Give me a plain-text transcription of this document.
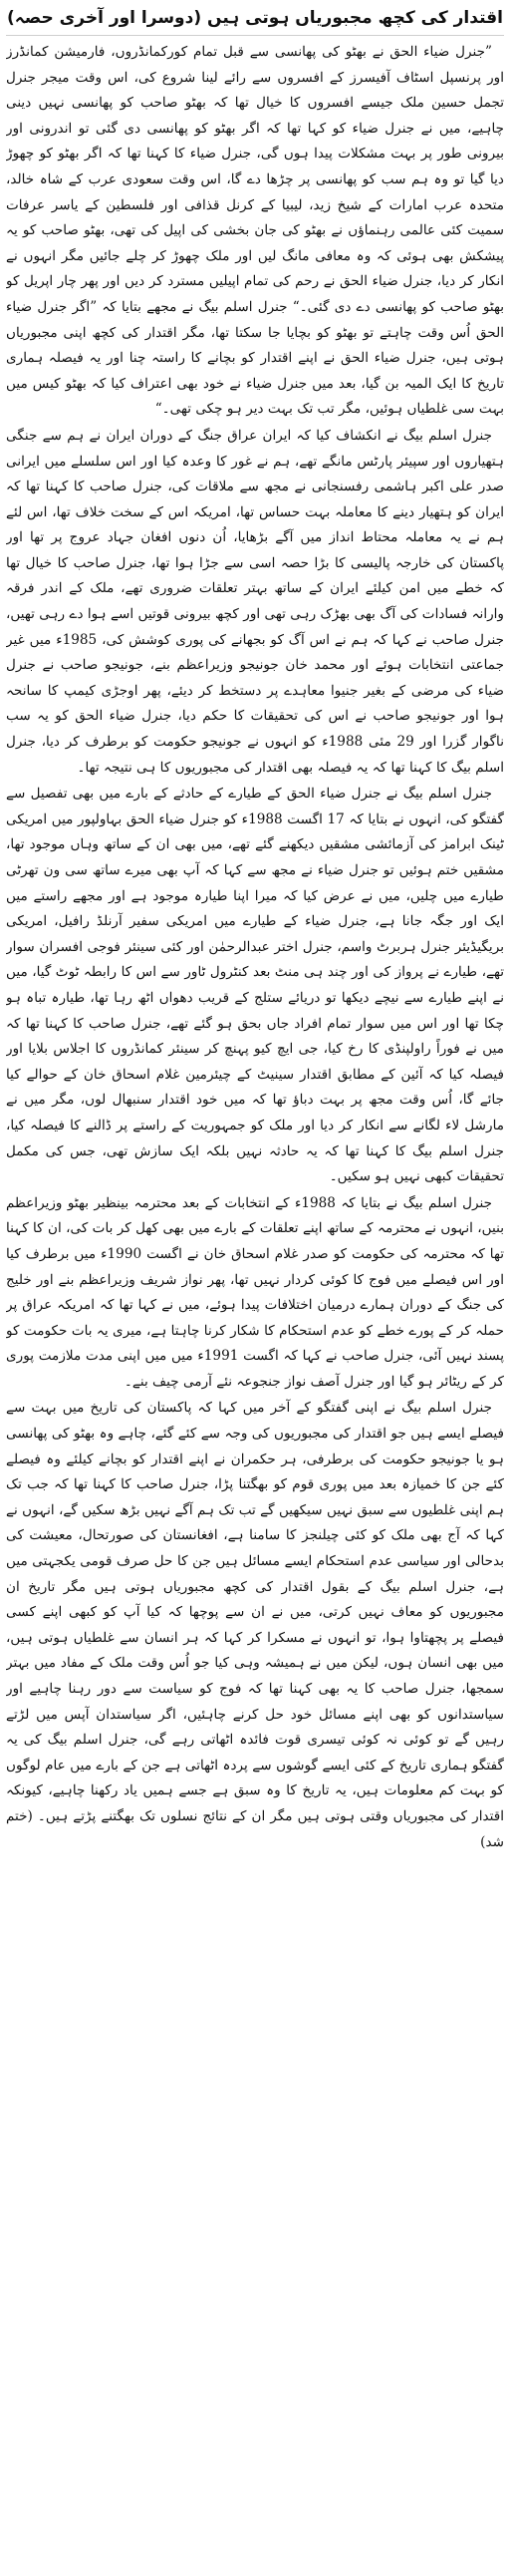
اقتدار کی کچھ مجبوریاں ہوتی ہیں (دوسرا اور آخری حصہ)

”جنرل ضیاء الحق نے بھٹو کی پھانسی سے قبل تمام کورکمانڈروں، فارمیشن کمانڈرز اور پرنسپل اسٹاف آفیسرز کے افسروں سے رائے لینا شروع کی، اس وقت میجر جنرل تجمل حسین ملک جیسے افسروں کا خیال تھا کہ بھٹو صاحب کو پھانسی نہیں دینی چاہیے، میں نے جنرل ضیاء کو کہا تھا کہ اگر بھٹو کو پھانسی دی گئی تو اندرونی اور بیرونی طور پر بہت مشکلات پیدا ہوں گی، جنرل ضیاء کا کہنا تھا کہ اگر بھٹو کو چھوڑ دیا گیا تو وہ ہم سب کو پھانسی پر چڑھا دے گا، اس وقت سعودی عرب کے شاہ خالد، متحدہ عرب امارات کے شیخ زید، لیبیا کے کرنل قذافی اور فلسطین کے یاسر عرفات سمیت کئی عالمی رہنماؤں نے بھٹو کی جان بخشی کی اپیل کی تھی، بھٹو صاحب کو یہ پیشکش بھی ہوئی کہ وہ معافی مانگ لیں اور ملک چھوڑ کر چلے جائیں مگر انہوں نے انکار کر دیا، جنرل ضیاء الحق نے رحم کی تمام اپیلیں مسترد کر دیں اور پھر چار اپریل کو بھٹو صاحب کو پھانسی دے دی گئی۔“ جنرل اسلم بیگ نے مجھے بتایا کہ ”اگر جنرل ضیاء الحق اُس وقت چاہتے تو بھٹو کو بچایا جا سکتا تھا، مگر اقتدار کی کچھ اپنی مجبوریاں ہوتی ہیں، جنرل ضیاء الحق نے اپنے اقتدار کو بچانے کا راستہ چنا اور یہ فیصلہ ہماری تاریخ کا ایک المیہ بن گیا، بعد میں جنرل ضیاء نے خود بھی اعتراف کیا کہ بھٹو کیس میں بہت سی غلطیاں ہوئیں، مگر تب تک بہت دیر ہو چکی تھی۔“

جنرل اسلم بیگ نے انکشاف کیا کہ ایران عراق جنگ کے دوران ایران نے ہم سے جنگی ہتھیاروں اور سپیئر پارٹس مانگے تھے، ہم نے غور کا وعدہ کیا اور اس سلسلے میں ایرانی صدر علی اکبر ہاشمی رفسنجانی نے مجھ سے ملاقات کی، جنرل صاحب کا کہنا تھا کہ ایران کو ہتھیار دینے کا معاملہ بہت حساس تھا، امریکہ اس کے سخت خلاف تھا، اس لئے ہم نے یہ معاملہ محتاط انداز میں آگے بڑھایا، اُن دنوں افغان جہاد عروج پر تھا اور پاکستان کی خارجہ پالیسی کا بڑا حصہ اسی سے جڑا ہوا تھا، جنرل صاحب کا خیال تھا کہ خطے میں امن کیلئے ایران کے ساتھ بہتر تعلقات ضروری تھے، ملک کے اندر فرقہ وارانہ فسادات کی آگ بھی بھڑک رہی تھی اور کچھ بیرونی قوتیں اسے ہوا دے رہی تھیں، جنرل صاحب نے کہا کہ ہم نے اس آگ کو بجھانے کی پوری کوشش کی، 1985ء میں غیر جماعتی انتخابات ہوئے اور محمد خان جونیجو وزیراعظم بنے، جونیجو صاحب نے جنرل ضیاء کی مرضی کے بغیر جنیوا معاہدے پر دستخط کر دیئے، پھر اوجڑی کیمپ کا سانحہ ہوا اور جونیجو صاحب نے اس کی تحقیقات کا حکم دیا، جنرل ضیاء الحق کو یہ سب ناگوار گزرا اور 29 مئی 1988ء کو انہوں نے جونیجو حکومت کو برطرف کر دیا، جنرل اسلم بیگ کا کہنا تھا کہ یہ فیصلہ بھی اقتدار کی مجبوریوں کا ہی نتیجہ تھا۔

جنرل اسلم بیگ نے جنرل ضیاء الحق کے طیارے کے حادثے کے بارے میں بھی تفصیل سے گفتگو کی، انہوں نے بتایا کہ 17 اگست 1988ء کو جنرل ضیاء الحق بہاولپور میں امریکی ٹینک ابرامز کی آزمائشی مشقیں دیکھنے گئے تھے، میں بھی ان کے ساتھ وہاں موجود تھا، مشقیں ختم ہوئیں تو جنرل ضیاء نے مجھ سے کہا کہ آپ بھی میرے ساتھ سی ون تھرٹی طیارے میں چلیں، میں نے عرض کیا کہ میرا اپنا طیارہ موجود ہے اور مجھے راستے میں ایک اور جگہ جانا ہے، جنرل ضیاء کے طیارے میں امریکی سفیر آرنلڈ رافیل، امریکی بریگیڈیئر جنرل ہربرٹ واسم، جنرل اختر عبدالرحمٰن اور کئی سینئر فوجی افسران سوار تھے، طیارے نے پرواز کی اور چند ہی منٹ بعد کنٹرول ٹاور سے اس کا رابطہ ٹوٹ گیا، میں نے اپنے طیارے سے نیچے دیکھا تو دریائے ستلج کے قریب دھواں اٹھ رہا تھا، طیارہ تباہ ہو چکا تھا اور اس میں سوار تمام افراد جاں بحق ہو گئے تھے، جنرل صاحب کا کہنا تھا کہ میں نے فوراً راولپنڈی کا رخ کیا، جی ایچ کیو پہنچ کر سینئر کمانڈروں کا اجلاس بلایا اور فیصلہ کیا کہ آئین کے مطابق اقتدار سینیٹ کے چیئرمین غلام اسحاق خان کے حوالے کیا جائے گا، اُس وقت مجھ پر بہت دباؤ تھا کہ میں خود اقتدار سنبھال لوں، مگر میں نے مارشل لاء لگانے سے انکار کر دیا اور ملک کو جمہوریت کے راستے پر ڈالنے کا فیصلہ کیا، جنرل اسلم بیگ کا کہنا تھا کہ یہ حادثہ نہیں بلکہ ایک سازش تھی، جس کی مکمل تحقیقات کبھی نہیں ہو سکیں۔

جنرل اسلم بیگ نے بتایا کہ 1988ء کے انتخابات کے بعد محترمہ بینظیر بھٹو وزیراعظم بنیں، انہوں نے محترمہ کے ساتھ اپنے تعلقات کے بارے میں بھی کھل کر بات کی، ان کا کہنا تھا کہ محترمہ کی حکومت کو صدر غلام اسحاق خان نے اگست 1990ء میں برطرف کیا اور اس فیصلے میں فوج کا کوئی کردار نہیں تھا، پھر نواز شریف وزیراعظم بنے اور خلیج کی جنگ کے دوران ہمارے درمیان اختلافات پیدا ہوئے، میں نے کہا تھا کہ امریکہ عراق پر حملہ کر کے پورے خطے کو عدم استحکام کا شکار کرنا چاہتا ہے، میری یہ بات حکومت کو پسند نہیں آئی، جنرل صاحب نے کہا کہ اگست 1991ء میں میں اپنی مدت ملازمت پوری کر کے ریٹائر ہو گیا اور جنرل آصف نواز جنجوعہ نئے آرمی چیف بنے۔

جنرل اسلم بیگ نے اپنی گفتگو کے آخر میں کہا کہ پاکستان کی تاریخ میں بہت سے فیصلے ایسے ہیں جو اقتدار کی مجبوریوں کی وجہ سے کئے گئے، چاہے وہ بھٹو کی پھانسی ہو یا جونیجو حکومت کی برطرفی، ہر حکمران نے اپنے اقتدار کو بچانے کیلئے وہ فیصلے کئے جن کا خمیازہ بعد میں پوری قوم کو بھگتنا پڑا، جنرل صاحب کا کہنا تھا کہ جب تک ہم اپنی غلطیوں سے سبق نہیں سیکھیں گے تب تک ہم آگے نہیں بڑھ سکیں گے، انہوں نے کہا کہ آج بھی ملک کو کئی چیلنجز کا سامنا ہے، افغانستان کی صورتحال، معیشت کی بدحالی اور سیاسی عدم استحکام ایسے مسائل ہیں جن کا حل صرف قومی یکجہتی میں ہے، جنرل اسلم بیگ کے بقول اقتدار کی کچھ مجبوریاں ہوتی ہیں مگر تاریخ ان مجبوریوں کو معاف نہیں کرتی، میں نے ان سے پوچھا کہ کیا آپ کو کبھی اپنے کسی فیصلے پر پچھتاوا ہوا، تو انہوں نے مسکرا کر کہا کہ ہر انسان سے غلطیاں ہوتی ہیں، میں بھی انسان ہوں، لیکن میں نے ہمیشہ وہی کیا جو اُس وقت ملک کے مفاد میں بہتر سمجھا، جنرل صاحب کا یہ بھی کہنا تھا کہ فوج کو سیاست سے دور رہنا چاہیے اور سیاستدانوں کو بھی اپنے مسائل خود حل کرنے چاہئیں، اگر سیاستدان آپس میں لڑتے رہیں گے تو کوئی نہ کوئی تیسری قوت فائدہ اٹھاتی رہے گی، جنرل اسلم بیگ کی یہ گفتگو ہماری تاریخ کے کئی ایسے گوشوں سے پردہ اٹھاتی ہے جن کے بارے میں عام لوگوں کو بہت کم معلومات ہیں، یہ تاریخ کا وہ سبق ہے جسے ہمیں یاد رکھنا چاہیے، کیونکہ اقتدار کی مجبوریاں وقتی ہوتی ہیں مگر ان کے نتائج نسلوں تک بھگتنے پڑتے ہیں۔ (ختم شد)
